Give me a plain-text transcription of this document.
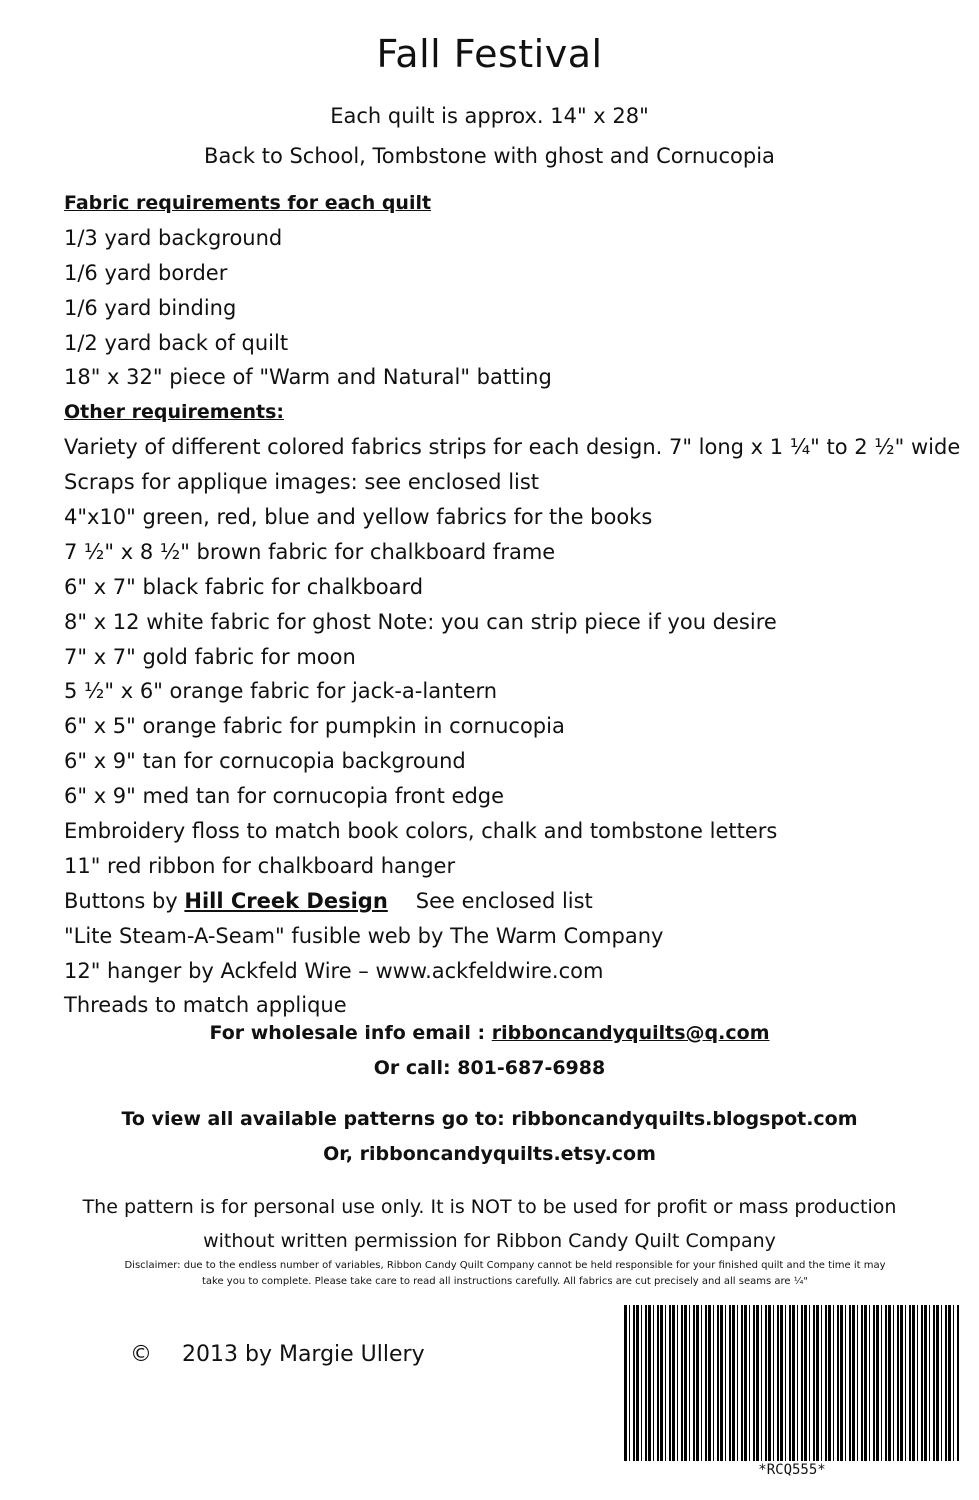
Fall Festival
Each quilt is approx. 14" x 28"
Back to School, Tombstone with ghost and Cornucopia
Fabric requirements for each quilt
1/3 yard background
1/6 yard border
1/6 yard binding
1/2 yard back of quilt
18" x 32" piece of "Warm and Natural" batting
Other requirements:
Variety of different colored fabrics strips for each design. 7" long x 1 ¼" to 2 ½" wide
Scraps for applique images: see enclosed list
4"x10" green, red, blue and yellow fabrics for the books
7 ½" x 8 ½" brown fabric for chalkboard frame
6" x 7" black fabric for chalkboard
8" x 12 white fabric for ghost Note: you can strip piece if you desire
7" x 7" gold fabric for moon
5 ½" x 6" orange fabric for jack-a-lantern
6" x 5" orange fabric for pumpkin in cornucopia
6" x 9" tan for cornucopia background
6" x 9" med tan for cornucopia front edge
Embroidery floss to match book colors, chalk and tombstone letters
11" red ribbon for chalkboard hanger
Buttons by Hill Creek Design See enclosed list
"Lite Steam-A-Seam" fusible web by The Warm Company
12" hanger by Ackfeld Wire – www.ackfeldwire.com
Threads to match applique
For wholesale info email : ribboncandyquilts@q.com
Or call: 801-687-6988
To view all available patterns go to: ribboncandyquilts.blogspot.com
Or, ribboncandyquilts.etsy.com
The pattern is for personal use only. It is NOT to be used for profit or mass production
without written permission for Ribbon Candy Quilt Company
Disclaimer: due to the endless number of variables, Ribbon Candy Quilt Company cannot be held responsible for your finished quilt and the time it may
take you to complete. Please take care to read all instructions carefully. All fabrics are cut precisely and all seams are ¼"
© 2013 by Margie Ullery
*RCQ555*
